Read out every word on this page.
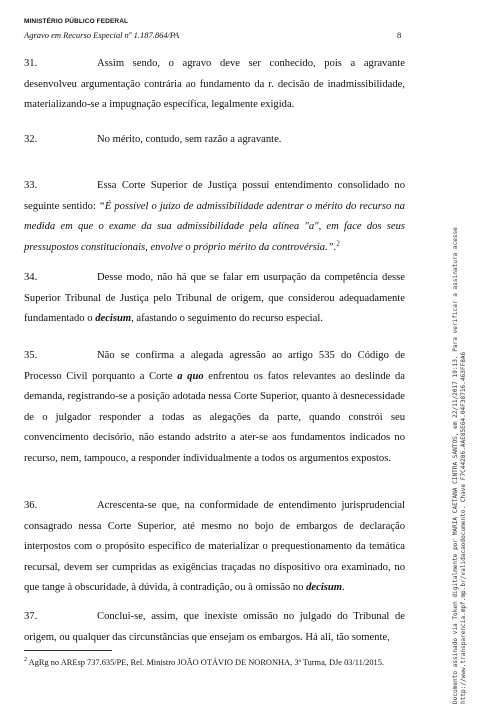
MINISTÉRIO PÚBLICO FEDERAL
Agravo em Recurso Especial nº 1.187.864/PA	8
31.	Assim sendo, o agravo deve ser conhecido, pois a agravante desenvolveu argumentação contrária ao fundamento da r. decisão de inadmissibilidade, materializando-se a impugnação específica, legalmente exigida.
32.	No mérito, contudo, sem razão a agravante.
33.	Essa Corte Superior de Justiça possui entendimento consolidado no seguinte sentido: “É possível o juízo de admissibilidade adentrar o mérito do recurso na medida em que o exame da sua admissibilidade pela alínea "a", em face dos seus pressupostos constitucionais, envolve o próprio mérito da controvérsia.”.$^2$
34.	Desse modo, não há que se falar em usurpação da competência desse Superior Tribunal de Justiça pelo Tribunal de origem, que considerou adequadamente fundamentado o decisum, afastando o seguimento do recurso especial.
35.	Não se confirma a alegada agressão ao artigo 535 do Código de Processo Civil porquanto a Corte a quo enfrentou os fatos relevantes ao deslinde da demanda, registrando-se a posição adotada nessa Corte Superior, quanto à desnecessidade de o julgador responder a todas as alegações da parte, quando constrói seu convencimento decisório, não estando adstrito a ater-se aos fundamentos indicados no recurso, nem, tampouco, a responder individualmente a todos os argumentos expostos.
36.	Acrescenta-se que, na conformidade de entendimento jurisprudencial consagrado nessa Corte Superior, até mesmo no bojo de embargos de declaração interpostos com o propósito específico de materializar o prequestionamento da temática recursal, devem ser cumpridas as exigências traçadas no dispositivo ora examinado, no que tange à obscuridade, à dúvida, à contradição, ou à omissão no decisum.
37.	Conclui-se, assim, que inexiste omissão no julgado do Tribunal de origem, ou qualquer das circunstâncias que ensejam os embargos. Há ali, tão somente,
$^2$ AgRg no AREsp 737.635/PE, Rel. Ministro JOÃO OTÁVIO DE NORONHA, 3ª Turma, DJe 03/11/2015.	Documento assinado via Token digitalmente por MARIA CAETANA CINTRA SANTOS, em 22/11/2017 19:13. Para verificar a assinatura acesse http://www.transparencia.mpf.mp.br/validacaodocumento. Chave F7C44286.AAE85E64.04F38716.463FF8A6
